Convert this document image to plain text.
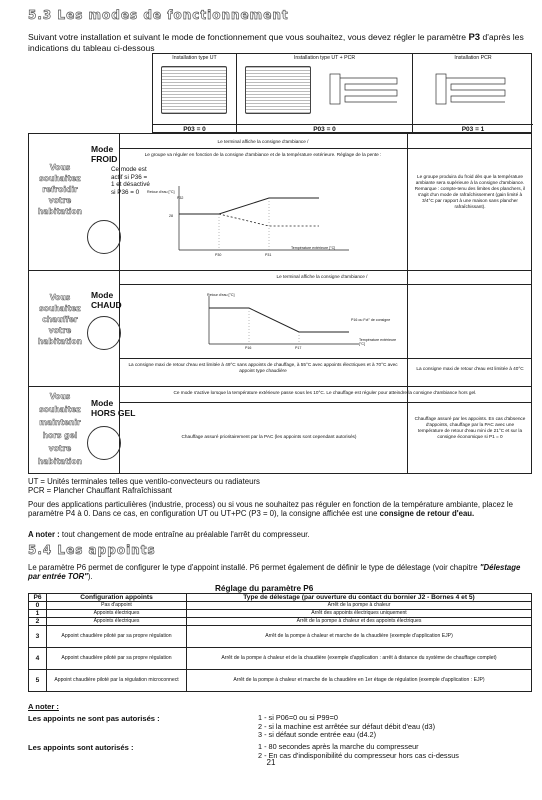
5.3 Les modes de fonctionnement
Suivant votre installation et suivant le mode de fonctionnement que vous souhaitez, vous devez régler le paramètre P3 d'après les indications du tableau ci-dessous
Installation type UT
P03 = 0
Installation type UT + PCR
P03 = 0
Installation PCR
P03 = 1
Vous
souhaitez
refroidir
votre
habitation
Mode
FROID
Ce mode est actif si P36 = 1 et désactivé si P36 = 0
Le terminal affiche la consigne d'ambiance /
Le groupe va réguler en fonction de la consigne d'ambiance et de la température extérieure. Réglage de la pente :
Retour d'eau [°C]
Température extérieure [°C]
28
P32
P30	P31
Le groupe produira du froid dès que la température ambiante sera supérieure à la consigne d'ambiance. Remarque : compte-tenu des limites des planchers, il s'agit d'un mode de rafraîchissement (gain limité à 3/4°C par rapport à une maison sans plancher rafraîchissant).
Vous
souhaitez
chauffer
votre
habitation
Mode
CHAUD
Le terminal affiche la consigne d'ambiance /
Retour d'eau [°C]
P16 ou Fct° de consigne
Température extérieure [°C]
P16	P17
La consigne maxi de retour d'eau est limitée à 49°C sans appoints de chauffage, à 55°C avec appoints électriques et à 70°C avec appoint type chaudière	La consigne maxi de retour d'eau est limitée à 40°C
Vous
souhaitez
maintenir
hors gel
votre
habitation
Mode
HORS GEL
Ce mode s'active lorsque la température extérieure passe sous les 10°C. Le chauffage est réguler pour atteindre la consigne d'ambiance hors gel.
Chauffage assuré prioritairement par la PAC (les appoints sont cependant autorisés)
Chauffage assuré par les appoints. En cas d'absence d'appoints, chauffage par la PAC avec une température de retour d'eau mini de 21°C et sur la consigne économique si P1 = 0
UT = Unités terminales telles que ventilo-convecteurs ou radiateurs
PCR = Plancher Chauffant Rafraîchissant
Pour des applications particulières (industrie, process) ou si vous ne souhaitez pas réguler en fonction de la température ambiante, placez le paramètre P4 à 0. Dans ce cas, en configuration UT ou UT+PC (P3 = 0), la consigne affichée est une consigne de retour d'eau.
A noter : tout changement de mode entraîne au préalable l'arrêt du compresseur.
5.4 Les appoints
Le paramètre P6 permet de configurer le type d'appoint installé. P6 permet également de définir le type de délestage (voir chapitre "Délestage par entrée TOR").
Réglage du paramètre P6
P6	Configuration appoints	Type de délestage (par ouverture du contact du bornier J2 - Bornes 4 et 5)
0	Pas d'appoint	Arrêt de la pompe à chaleur
1	Appoints électriques	Arrêt des appoints électriques uniquement
2	Appoints électriques	Arrêt de la pompe à chaleur et des appoints électriques
3	Appoint chaudière piloté par sa propre régulation	Arrêt de la pompe à chaleur et marche de la chaudière (exemple d'application EJP)
4	Appoint chaudière piloté par sa propre régulation	Arrêt de la pompe à chaleur et de la chaudière (exemple d'application : arrêt à distance du système de chauffage complet)
5	Appoint chaudière piloté par la régulation microconnect	Arrêt de la pompe à chaleur et marche de la chaudière en 1er étage de régulation (exemple d'application : EJP)
A noter :
Les appoints ne sont pas autorisés :	1 - si P06=0 ou si P99=0
2 - si la machine est arrêtée sur défaut débit d'eau (d3)
3 - si défaut sonde entrée eau (d4.2)
Les appoints sont autorisés :	1 - 80 secondes après la marche du compresseur
2 - En cas d'indisponibilité du compresseur hors cas ci-dessus
21
